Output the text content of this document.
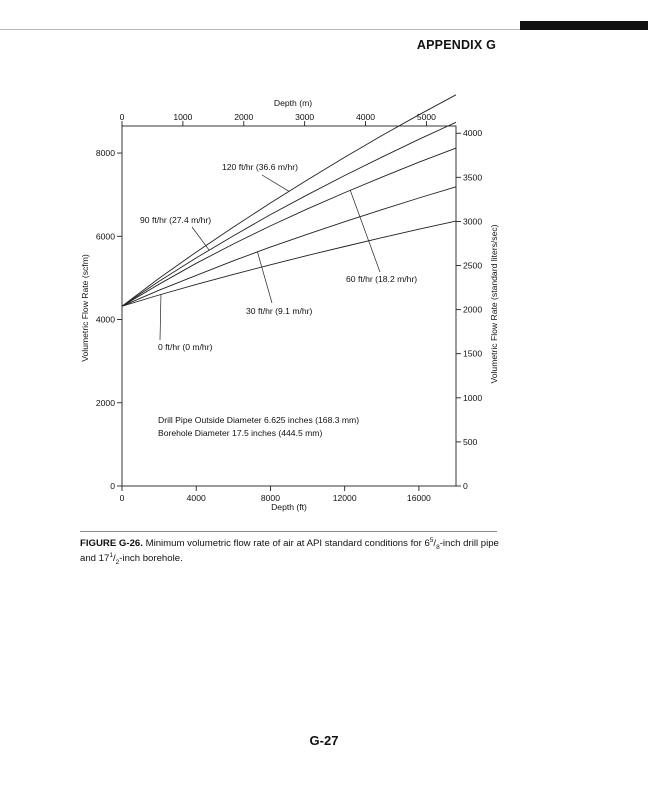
APPENDIX G
0	4000	8000	12000	16000
Depth (ft)
0	1000	2000	3000	4000	5000
Depth (m)
0
2000
4000
6000
8000
Volumetric Flow Rate (scfm)
0
500
1000
1500
2000
2500
3000
3500
4000
Volumetric Flow Rate (standard liters/sec)
0 ft/hr (0 m/hr)
30 ft/hr (9.1 m/hr)
60 ft/hr (18.2 m/hr)
90 ft/hr (27.4 m/hr)
120 ft/hr (36.6 m/hr)
Drill Pipe Outside Diameter 6.625 inches (168.3 mm)
Borehole Diameter 17.5 inches (444.5 mm)
FIGURE G-26. Minimum volumetric flow rate of air at API standard conditions for $6^5/_8$-inch drill pipe and $17^1/_2$-inch borehole.
G-27
